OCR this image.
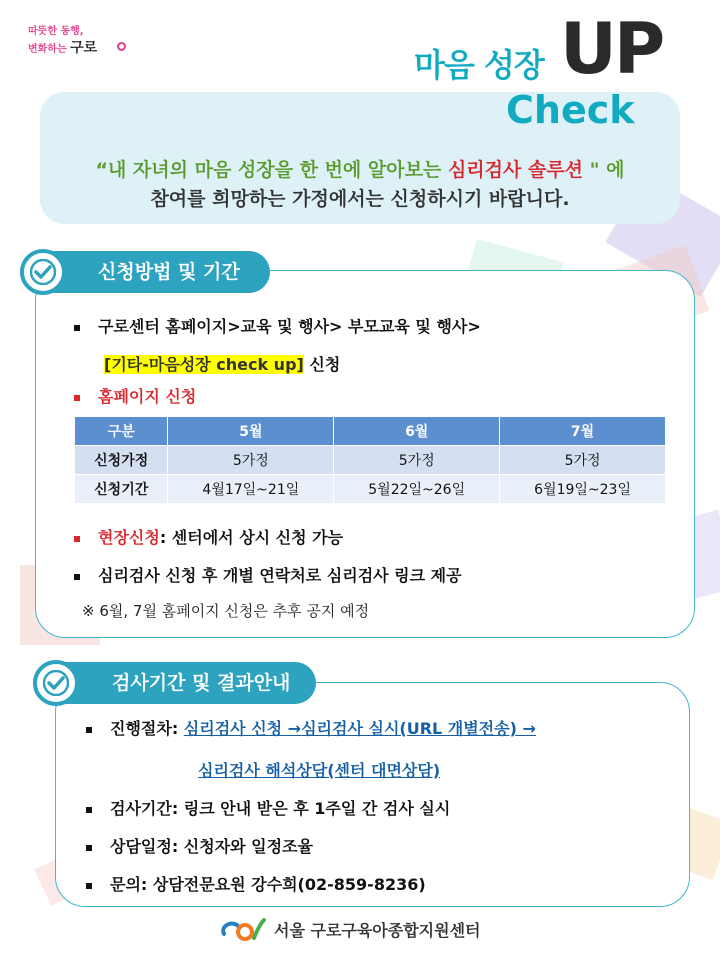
따뜻한 동행,
변화하는 구로	마음 성장

“내 자녀의 마음 성장을 한 번에 알아보는 심리검사 솔루션 " 에

참여를 희망하는 가정에서는 신청하시기 바랍니다.

UP
Check
신청방법 및 기간
구로센터 홈페이지>교육 및 행사> 부모교육 및 행사>
[기타-마음성장 check up] 신청
홈페이지 신청
구분	5월	6월	7월
신청가정	5가정	5가정	5가정
신청기간	4월17일~21일	5월22일~26일	6월19일~23일
현장신청: 센터에서 상시 신청 가능
심리검사 신청 후 개별 연락처로 심리검사 링크 제공
※ 6월, 7월 홈페이지 신청은 추후 공지 예정
검사기간 및 결과안내
진행절차: 심리검사 신청 →심리검사 실시(URL 개별전송) →
심리검사 해석상담(센터 대면상담)
검사기간: 링크 안내 받은 후 1주일 간 검사 실시
상담일정: 신청자와 일정조율
문의: 상담전문요원 강수희(02-859-8236)
서울 구로구육아종합지원센터
